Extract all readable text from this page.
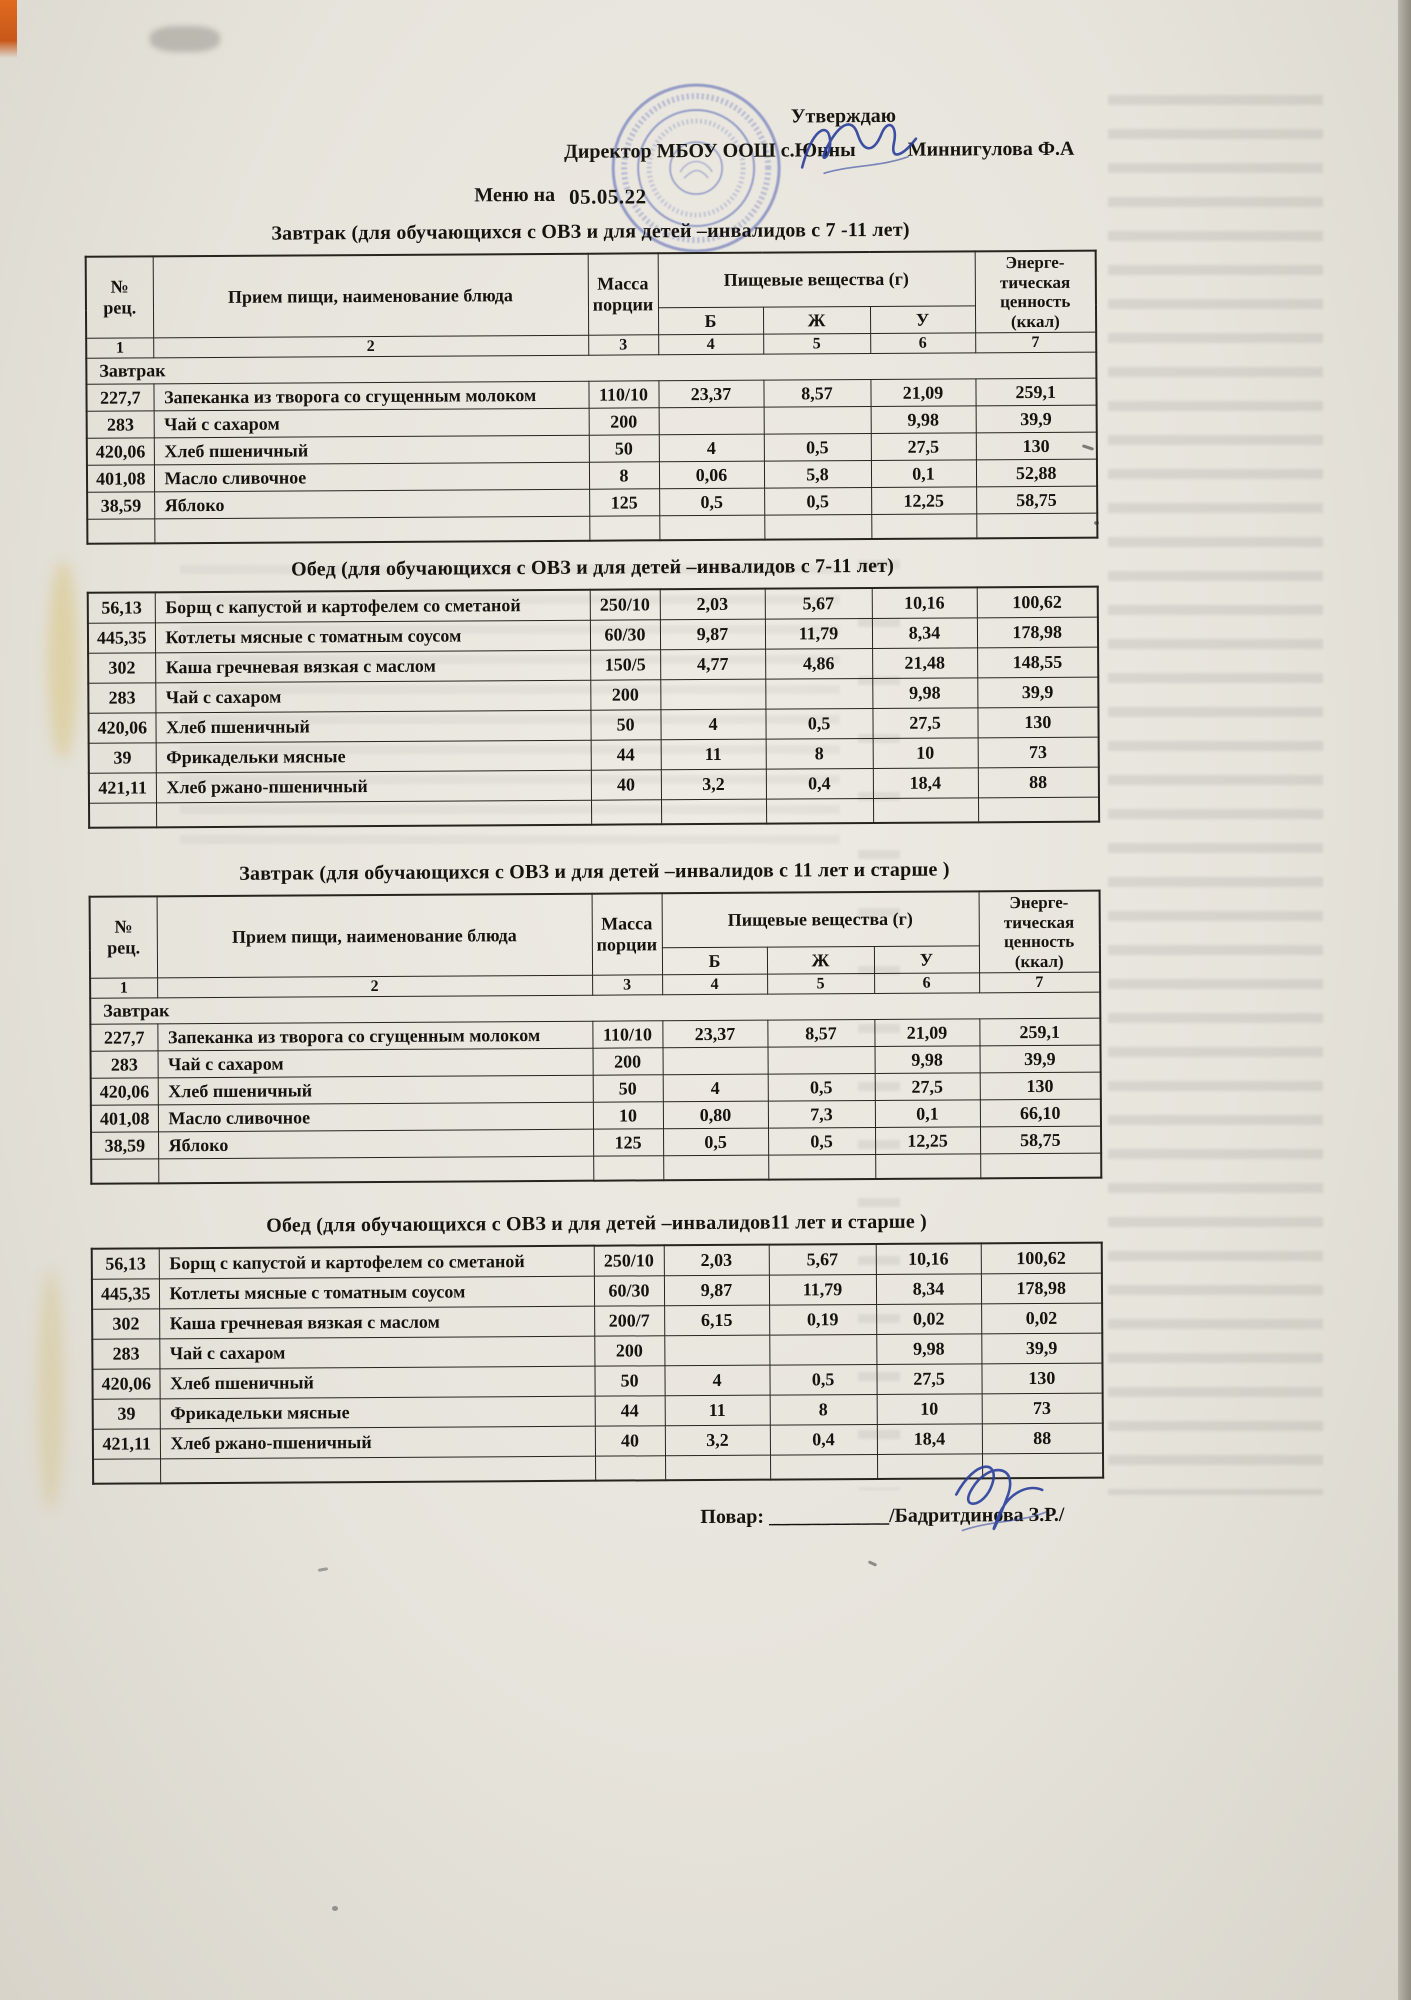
Утверждаю
Директор МБОУ ООШ с.Юнны	Миннигулова Ф.А
Меню на 05.05.22
Завтрак (для обучающихся с ОВЗ и для детей –инвалидов с 7 -11 лет)
№
рец.	Прием пищи, наименование блюда	Масса
порции	Пищевые вещества (г)			Энерге-
тическая
ценность
(ккал)
			Б	Ж	У	
1	2	3	4	5	6	7
Завтрак						
227,7	Запеканка из творога со сгущенным молоком	110/10	23,37	8,57	21,09	259,1
283	Чай с сахаром	200			9,98	39,9
420,06	Хлеб пшеничный	50	4	0,5	27,5	130
401,08	Масло сливочное	8	0,06	5,8	0,1	52,88
38,59	Яблоко	125	0,5	0,5	12,25	58,75

Обед (для обучающихся с ОВЗ и для детей –инвалидов с 7-11 лет)
56,13	Борщ с капустой и картофелем со сметаной	250/10	2,03	5,67	10,16	100,62
445,35	Котлеты мясные с томатным соусом	60/30	9,87	11,79	8,34	178,98
302	Каша гречневая вязкая с маслом	150/5	4,77	4,86	21,48	148,55
283	Чай с сахаром	200			9,98	39,9
420,06	Хлеб пшеничный	50	4	0,5	27,5	130
39	Фрикадельки мясные	44	11	8	10	73
421,11	Хлеб ржано-пшеничный	40	3,2	0,4	18,4	88

Завтрак (для обучающихся с ОВЗ и для детей –инвалидов с 11 лет и старше )
№
рец.	Прием пищи, наименование блюда	Масса
порции	Пищевые вещества (г)			Энерге-
тическая
ценность
(ккал)
			Б	Ж	У	
1	2	3	4	5	6	7
Завтрак						
227,7	Запеканка из творога со сгущенным молоком	110/10	23,37	8,57	21,09	259,1
283	Чай с сахаром	200			9,98	39,9
420,06	Хлеб пшеничный	50	4	0,5	27,5	130
401,08	Масло сливочное	10	0,80	7,3	0,1	66,10
38,59	Яблоко	125	0,5	0,5	12,25	58,75

Обед (для обучающихся с ОВЗ и для детей –инвалидов11 лет и старше )
56,13	Борщ с капустой и картофелем со сметаной	250/10	2,03	5,67	10,16	100,62
445,35	Котлеты мясные с томатным соусом	60/30	9,87	11,79	8,34	178,98
302	Каша гречневая вязкая с маслом	200/7	6,15	0,19	0,02	0,02
283	Чай с сахаром	200			9,98	39,9
420,06	Хлеб пшеничный	50	4	0,5	27,5	130
39	Фрикадельки мясные	44	11	8	10	73
421,11	Хлеб ржано-пшеничный	40	3,2	0,4	18,4	88

Повар: ____________/Бадритдинова З.Р./
